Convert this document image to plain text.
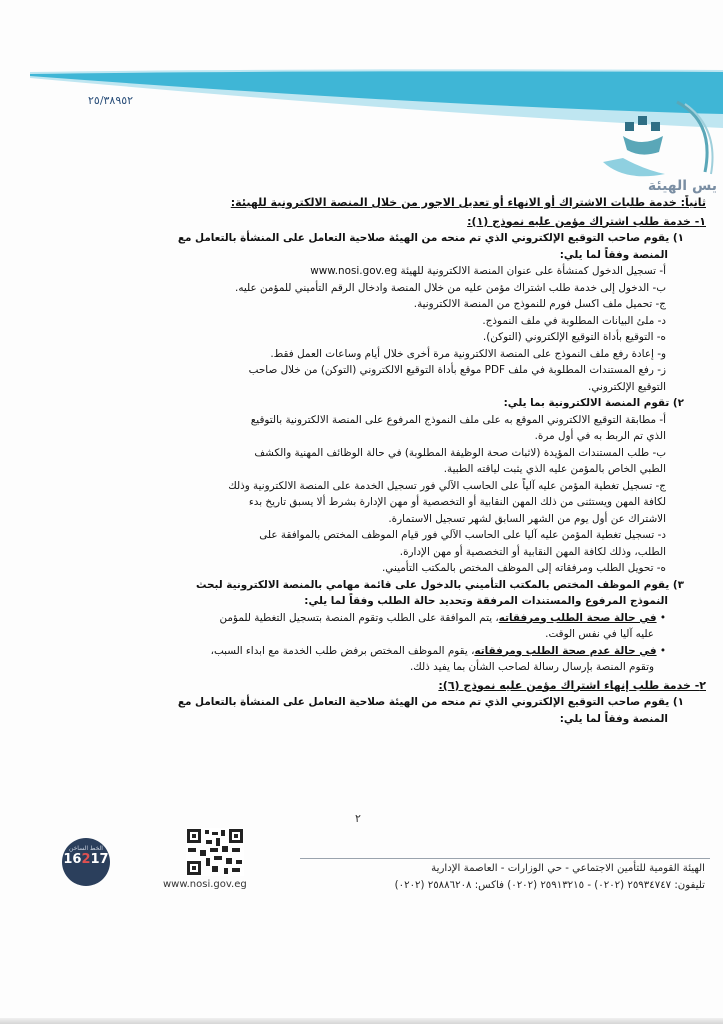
٢٥/٣٨٩٥٢
يس الهيئة

ثانياً: خدمة طلبات الاشتراك أو الانهاء أو تعديل الاجور من خلال المنصة الالكترونية للهيئة:

١- خدمة طلب اشتراك مؤمن عليه نموذج (١):

١) يقوم صاحب التوقيع الإلكتروني الذي تم منحه من الهيئة صلاحية التعامل على المنشأة بالتعامل مع

المنصة وفقاً لما يلي:

أ- تسجيل الدخول كمنشأة على عنوان المنصة الالكترونية للهيئة www.nosi.gov.eg

ب- الدخول إلى خدمة طلب اشتراك مؤمن عليه من خلال المنصة وادخال الرقم التأميني للمؤمن عليه.

ج- تحميل ملف اكسل فورم للنموذج من المنصة الالكترونية.

د- ملئ البيانات المطلوبة في ملف النموذج.

ه- التوقيع بأداة التوقيع الإلكتروني (التوكن).

و- إعادة رفع ملف النموذج على المنصة الالكترونية مرة أخرى خلال أيام وساعات العمل فقط.

ز- رفع المستندات المطلوبة في ملف PDF موقع بأداة التوقيع الالكتروني (التوكن) من خلال صاحب

التوقيع الإلكتروني.

٢) تقوم المنصة الالكترونية بما يلي:

أ- مطابقة التوقيع الالكتروني الموقع به على ملف النموذج المرفوع على المنصة الالكترونية بالتوقيع

الذي تم الربط به في أول مرة.

ب- طلب المستندات المؤيدة (لاثبات صحة الوظيفة المطلوبة) في حالة الوظائف المهنية والكشف

الطبي الخاص بالمؤمن عليه الذي يثبت لياقته الطبية.

ج- تسجيل تغطية المؤمن عليه آلياً على الحاسب الآلي فور تسجيل الخدمة على المنصة الالكترونية وذلك

لكافة المهن ويستثنى من ذلك المهن النقابية أو التخصصية أو مهن الإدارة بشرط ألا يسبق تاريخ بدء

الاشتراك عن أول يوم من الشهر السابق لشهر تسجيل الاستمارة.

د- تسجيل تغطية المؤمن عليه آليا على الحاسب الآلي فور قيام الموظف المختص بالموافقة على

الطلب، وذلك لكافة المهن النقابية أو التخصصية أو مهن الإدارة.

ه- تحويل الطلب ومرفقاته إلى الموظف المختص بالمكتب التأميني.

٣) يقوم الموظف المختص بالمكتب التأميني بالدخول على قائمة مهامي بالمنصة الالكترونية لبحث

النموذج المرفوع والمستندات المرفقة وتحديد حالة الطلب وفقاً لما يلي:

• في حالة صحة الطلب ومرفقاته، يتم الموافقة على الطلب وتقوم المنصة بتسجيل التغطية للمؤمن

عليه آليا في نفس الوقت.

• في حالة عدم صحة الطلب ومرفقاته، يقوم الموظف المختص برفض طلب الخدمة مع ابداء السبب،

وتقوم المنصة بإرسال رسالة لصاحب الشأن بما يفيد ذلك.

٢- خدمة طلب إنهاء اشتراك مؤمن عليه نموذج (٦):

١) يقوم صاحب التوقيع الإلكتروني الذي تم منحه من الهيئة صلاحية التعامل على المنشأة بالتعامل مع

المنصة وفقاً لما يلي:

٢
www.nosi.gov.eg
الخط الساخن
16217
الهيئة القومية للتأمين الاجتماعي - حي الوزارات - العاصمة الإدارية
تليفون: ٢٥٩٣٤٧٤٧ (٠٢٠٢) - ٢٥٩١٣٢١٥ (٠٢٠٢) فاكس: ٢٥٨٨٦٢٠٨ (٠٢٠٢)
